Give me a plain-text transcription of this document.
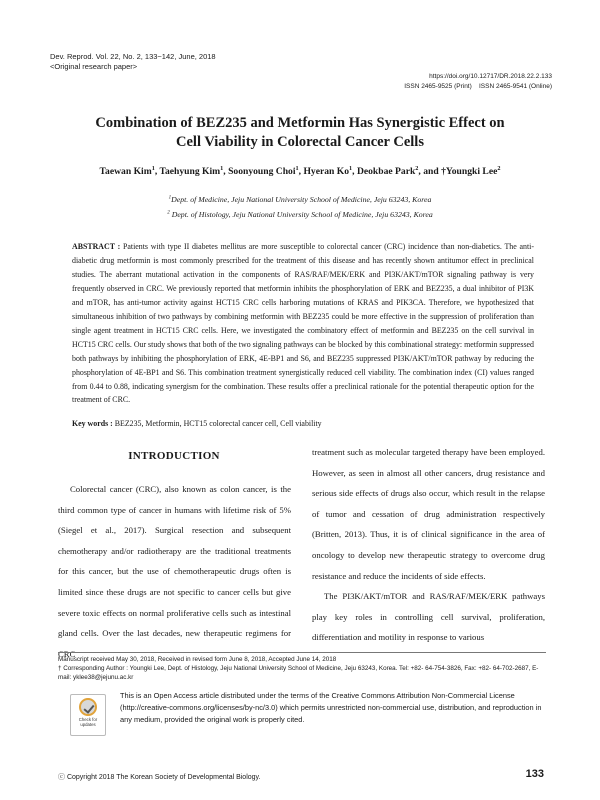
Dev. Reprod. Vol. 22, No. 2, 133~142, June, 2018
<Original research paper>
https://doi.org/10.12717/DR.2018.22.2.133
ISSN 2465-9525 (Print)    ISSN 2465-9541 (Online)
Combination of BEZ235 and Metformin Has Synergistic Effect on
Cell Viability in Colorectal Cancer Cells
Taewan Kim$^1$, Taehyung Kim$^1$, Soonyoung Choi$^1$, Hyeran Ko$^1$, Deokbae Park$^2$, and †Youngki Lee$^2$
$^1$Dept. of Medicine, Jeju National University School of Medicine, Jeju 63243, Korea
$^2$ Dept. of Histology, Jeju National University School of Medicine, Jeju 63243, Korea

ABSTRACT : Patients with type II diabetes mellitus are more susceptible to colorectal cancer (CRC) incidence than non-diabetics. The anti-diabetic drug metformin is most commonly prescribed for the treatment of this disease and has recently shown antitumor effect in preclinical studies. The aberrant mutational activation in the components of RAS/RAF/MEK/ERK and PI3K/AKT/mTOR signaling pathway is very frequently observed in CRC. We previously reported that metformin inhibits the phosphorylation of ERK and BEZ235, a dual inhibitor of PI3K and mTOR, has anti-tumor activity against HCT15 CRC cells harboring mutations of KRAS and PIK3CA. Therefore, we hypothesized that simultaneous inhibition of two pathways by combining metformin with BEZ235 could be more effective in the suppression of proliferation than single agent treatment in HCT15 CRC cells. Here, we investigated the combinatory effect of metformin and BEZ235 on the cell survival in HCT15 CRC cells. Our study shows that both of the two signaling pathways can be blocked by this combinational strategy: metformin suppressed both pathways by inhibiting the phosphorylation of ERK, 4E-BP1 and S6, and BEZ235 suppressed PI3K/AKT/mTOR pathway by reducing the phosphorylation of 4E-BP1 and S6. This combination treatment synergistically reduced cell viability. The combination index (CI) values ranged from 0.44 to 0.88, indicating synergism for the combination. These results offer a preclinical rationale for the potential therapeutic option for the treatment of CRC.

Key words : BEZ235, Metformin, HCT15 colorectal cancer cell, Cell viability

INTRODUCTION

Colorectal cancer (CRC), also known as colon cancer, is the third common type of cancer in humans with lifetime risk of 5% (Siegel et al., 2017). Surgical resection and subsequent chemotherapy and/or radiotherapy are the traditional treatments for this cancer, but the use of chemotherapeutic drugs often is limited since these drugs are not specific to cancer cells but give severe toxic effects on normal proliferative cells such as intestinal gland cells. Over the last decades, new therapeutic regimens for CRC

treatment such as molecular targeted therapy have been employed. However, as seen in almost all other cancers, drug resistance and serious side effects of drugs also occur, which result in the relapse of tumor and cessation of drug administration respectively (Britten, 2013). Thus, it is of clinical significance in the area of oncology to develop new therapeutic strategy to overcome drug resistance and reduce the incidents of side effects.

The PI3K/AKT/mTOR and RAS/RAF/MEK/ERK pathways play key roles in controlling cell survival, proliferation, differentiation and motility in response to various

Manuscript received May 30, 2018, Received in revised form June 8, 2018, Accepted June 14, 2018
† Corresponding Author : Youngki Lee, Dept. of Histology, Jeju National University School of Medicine, Jeju 63243, Korea. Tel: +82- 64-754-3826, Fax: +82- 64-702-2687, E-mail: yklee38@jejunu.ac.kr
Check for
updates

This is an Open Access article distributed under the terms of the Creative Commons Attribution Non-Commercial License (http://creative-commons.org/licenses/by-nc/3.0) which permits unrestricted non-commercial use, distribution, and reproduction in any medium, provided the original work is properly cited.

ⓒ Copyright 2018 The Korean Society of Developmental Biology.	133
